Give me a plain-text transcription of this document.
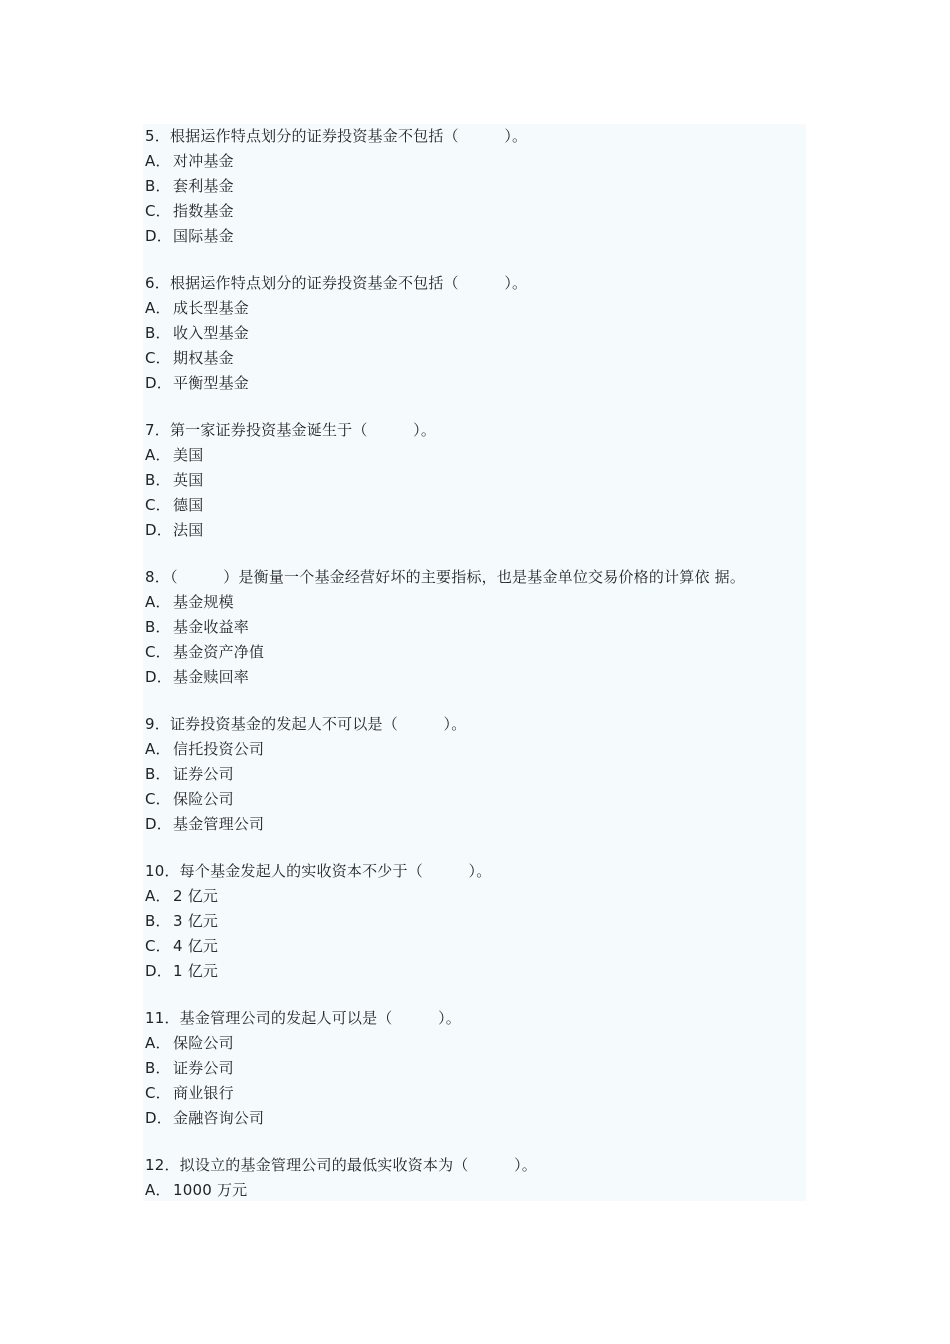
5．根据运作特点划分的证券投资基金不包括（　　　）。
A． 对冲基金
B． 套利基金
C． 指数基金
D．国际基金
6．根据运作特点划分的证券投资基金不包括（　　　）。
A． 成长型基金
B． 收入型基金
C． 期权基金
D．平衡型基金
7．第一家证券投资基金诞生于（　　　）。
A． 美国
B． 英国
C． 德国
D．法国
8．（　　　）是衡量一个基金经营好坏的主要指标，也是基金单位交易价格的计算依 据。
A． 基金规模
B． 基金收益率
C． 基金资产净值
D．基金赎回率
9．证券投资基金的发起人不可以是（　　　）。
A． 信托投资公司
B． 证券公司
C． 保险公司
D．基金管理公司
10．每个基金发起人的实收资本不少于（　　　）。
A． 2 亿元
B． 3 亿元
C． 4 亿元
D．1 亿元
11．基金管理公司的发起人可以是（　　　）。
A． 保险公司
B． 证券公司
C． 商业银行
D．金融咨询公司
12．拟设立的基金管理公司的最低实收资本为（　　　）。
A． 1000 万元
